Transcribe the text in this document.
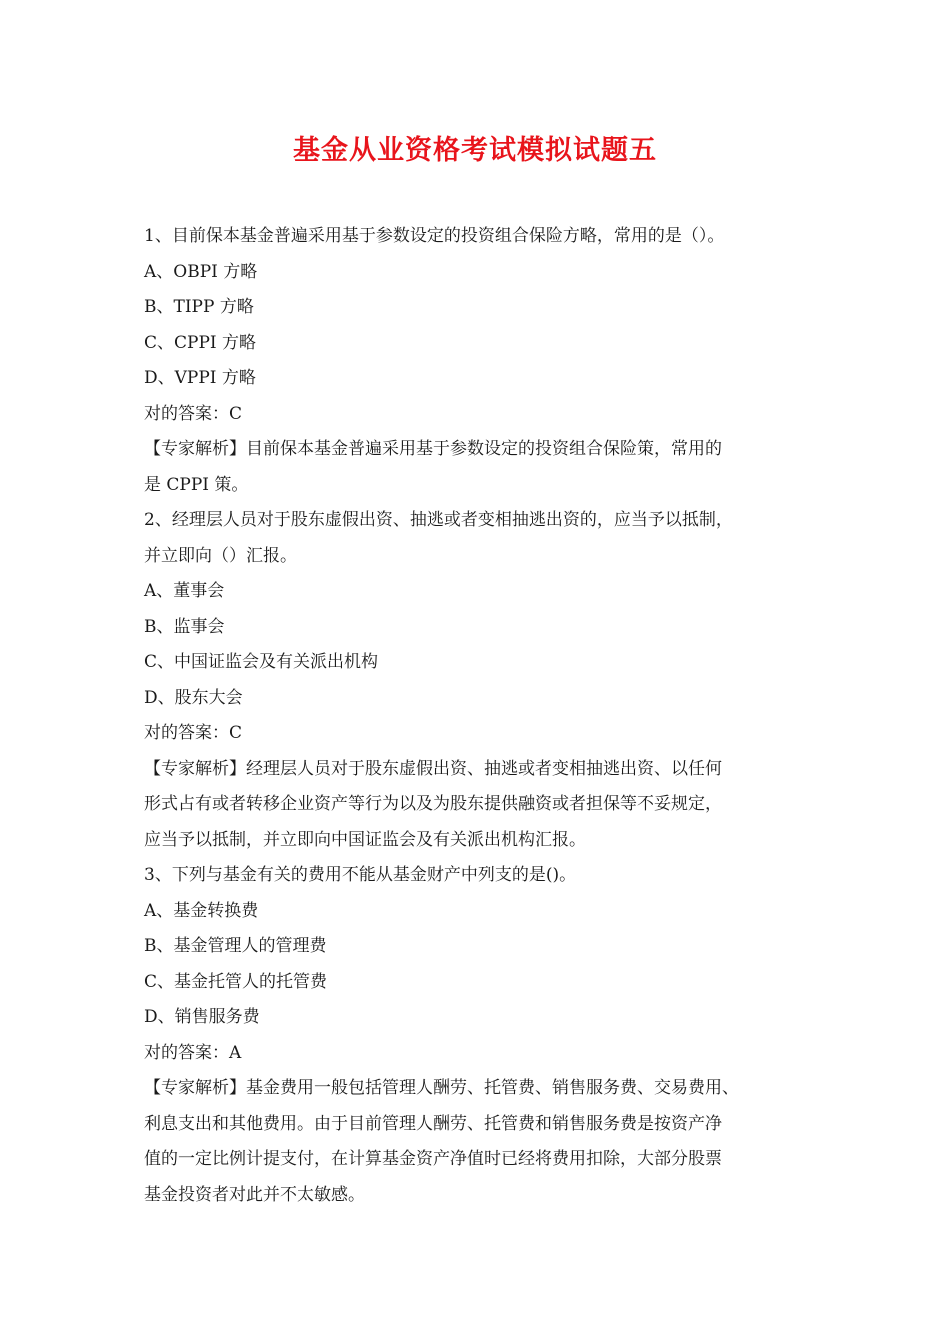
基金从业资格考试模拟试题五
1、目前保本基金普遍采用基于参数设定的投资组合保险方略，常用的是（）。
A、OBPI 方略
B、TIPP 方略
C、CPPI 方略
D、VPPI 方略
对的答案：C
【专家解析】目前保本基金普遍采用基于参数设定的投资组合保险策，常用的
是 CPPI 策。
2、经理层人员对于股东虚假出资、抽逃或者变相抽逃出资的，应当予以抵制，
并立即向（）汇报。
A、董事会
B、监事会
C、中国证监会及有关派出机构
D、股东大会
对的答案：C
【专家解析】经理层人员对于股东虚假出资、抽逃或者变相抽逃出资、以任何
形式占有或者转移企业资产等行为以及为股东提供融资或者担保等不妥规定，
应当予以抵制，并立即向中国证监会及有关派出机构汇报。
3、下列与基金有关的费用不能从基金财产中列支的是()。
A、基金转换费
B、基金管理人的管理费
C、基金托管人的托管费
D、销售服务费
对的答案：A
【专家解析】基金费用一般包括管理人酬劳、托管费、销售服务费、交易费用、
利息支出和其他费用。由于目前管理人酬劳、托管费和销售服务费是按资产净
值的一定比例计提支付，在计算基金资产净值时已经将费用扣除，大部分股票
基金投资者对此并不太敏感。
